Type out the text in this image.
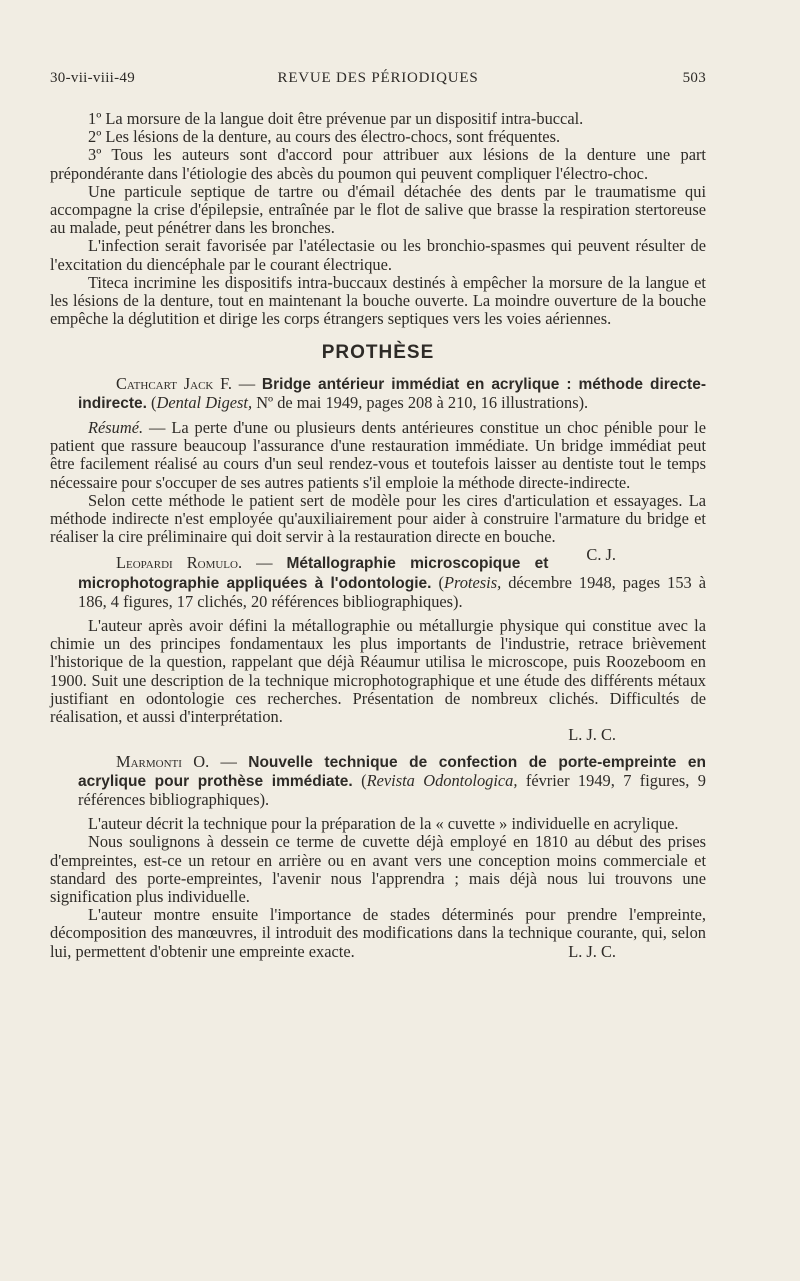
REVUE DES PÉRIODIQUES
30-vii-viii-49	503

1º La morsure de la langue doit être prévenue par un dispositif intra-buccal.

2º Les lésions de la denture, au cours des électro-chocs, sont fréquentes.

3º Tous les auteurs sont d'accord pour attribuer aux lésions de la denture une part prépondérante dans l'étiologie des abcès du poumon qui peuvent compliquer l'électro-choc.

Une particule septique de tartre ou d'émail détachée des dents par le traumatisme qui accompagne la crise d'épilepsie, entraînée par le flot de salive que brasse la respiration stertoreuse au malade, peut pénétrer dans les bronches.

L'infection serait favorisée par l'atélectasie ou les bronchio-spasmes qui peuvent résulter de l'excitation du diencéphale par le courant électrique.

Titeca incrimine les dispositifs intra-buccaux destinés à empêcher la morsure de la langue et les lésions de la denture, tout en maintenant la bouche ouverte. La moindre ouverture de la bouche empêche la déglutition et dirige les corps étrangers septiques vers les voies aériennes.

PROTHÈSE

Cathcart Jack F. — Bridge antérieur immédiat en acrylique : méthode directe-indirecte. (Dental Digest, Nº de mai 1949, pages 208 à 210, 16 illustrations).

Résumé. — La perte d'une ou plusieurs dents antérieures constitue un choc pénible pour le patient que rassure beaucoup l'assurance d'une restauration immédiate. Un bridge immédiat peut être facilement réalisé au cours d'un seul rendez-vous et toutefois laisser au dentiste tout le temps nécessaire pour s'occuper de ses autres patients s'il emploie la méthode directe-indirecte.

Selon cette méthode le patient sert de modèle pour les cires d'articulation et essayages. La méthode indirecte n'est employée qu'auxiliairement pour aider à construire l'armature du bridge et réaliser la cire préliminaire qui doit servir à la restauration directe en bouche.
C. J.

Leopardi Romulo. — Métallographie microscopique et microphotographie appliquées à l'odontologie. (Protesis, décembre 1948, pages 153 à 186, 4 figures, 17 clichés, 20 références bibliographiques).

L'auteur après avoir défini la métallographie ou métallurgie physique qui constitue avec la chimie un des principes fondamentaux les plus importants de l'industrie, retrace brièvement l'historique de la question, rappelant que déjà Réaumur utilisa le microscope, puis Roozeboom en 1900. Suit une description de la technique microphotographique et une étude des différents métaux justifiant en odontologie ces recherches. Présentation de nombreux clichés. Difficultés de réalisation, et aussi d'interprétation.

L. J. C.

Marmonti O. — Nouvelle technique de confection de porte-empreinte en acrylique pour prothèse immédiate. (Revista Odontologica, février 1949, 7 figures, 9 références bibliographiques).

L'auteur décrit la technique pour la préparation de la « cuvette » individuelle en acrylique.

Nous soulignons à dessein ce terme de cuvette déjà employé en 1810 au début des prises d'empreintes, est-ce un retour en arrière ou en avant vers une conception moins commerciale et standard des porte-empreintes, l'avenir nous l'apprendra ; mais déjà nous lui trouvons une signification plus individuelle.

L'auteur montre ensuite l'importance de stades déterminés pour prendre l'empreinte, décomposition des manœuvres, il introduit des modifications dans la technique courante, qui, selon lui, permettent d'obtenir une empreinte exacte.	L. J. C.
